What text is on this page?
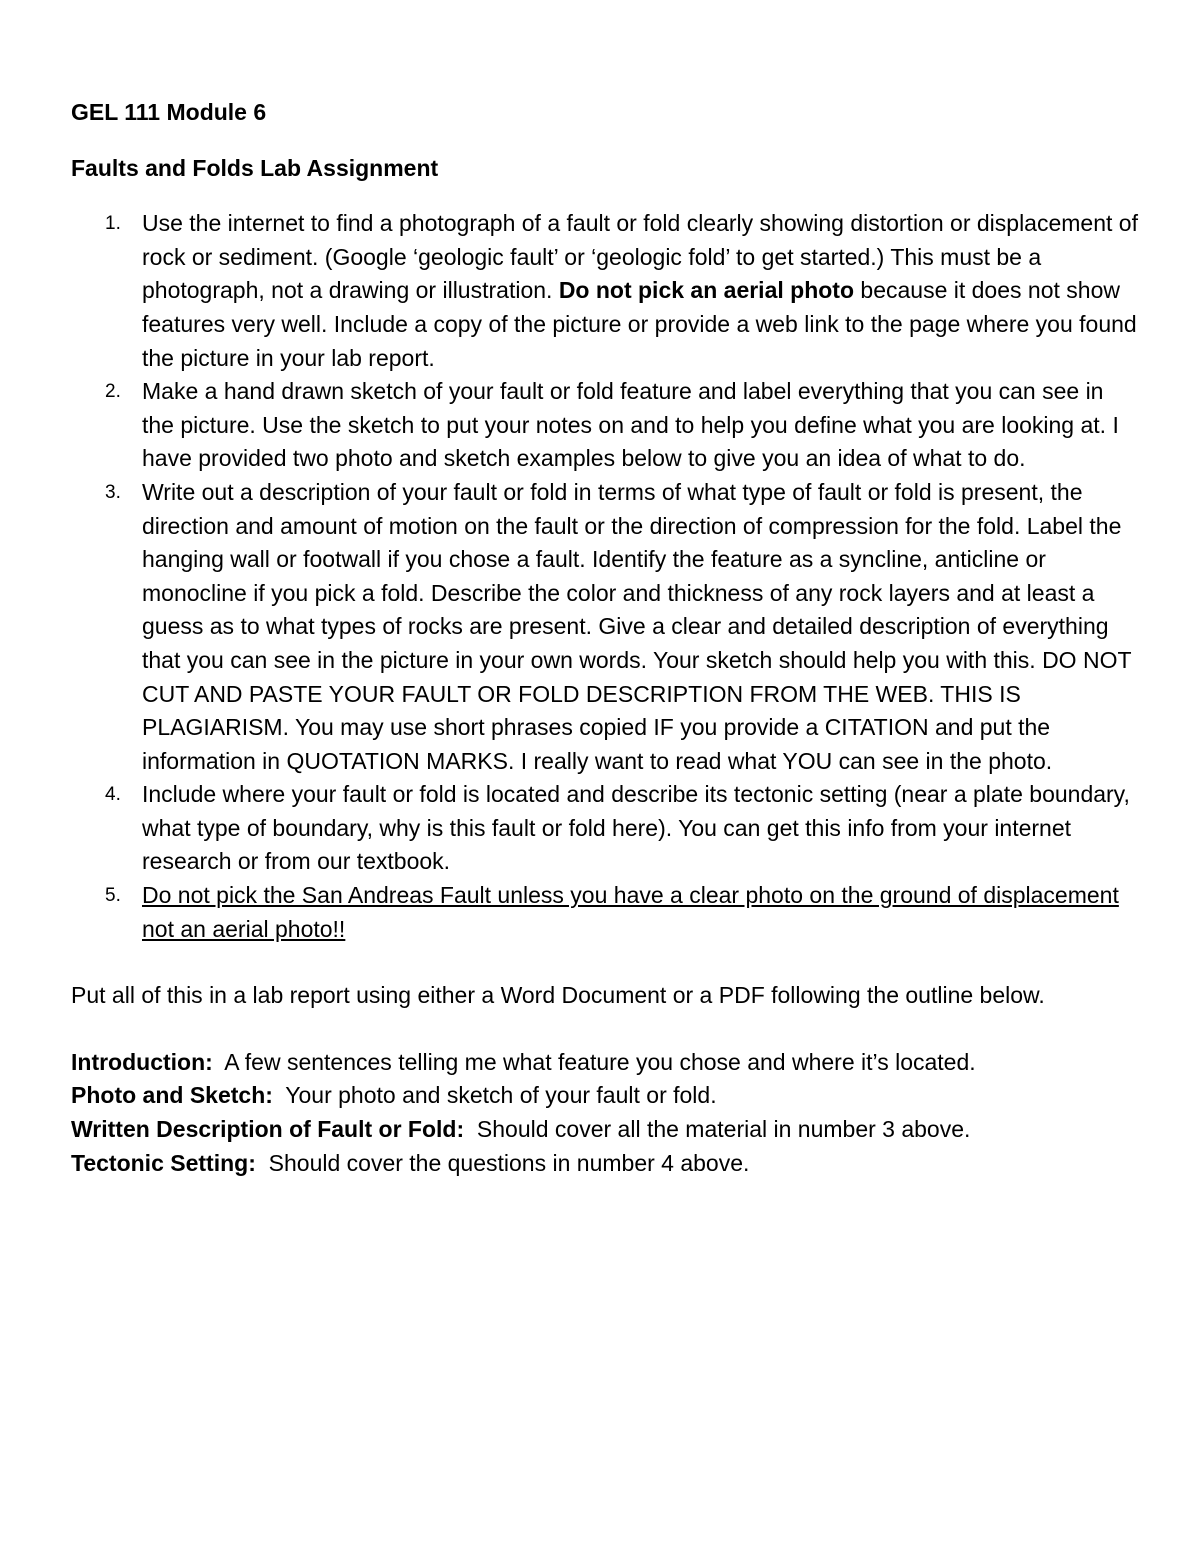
GEL 111 Module 6
Faults and Folds Lab Assignment
1. Use the internet to find a photograph of a fault or fold clearly showing distortion or displacement of rock or sediment. (Google ‘geologic fault’ or ‘geologic fold’ to get started.) This must be a photograph, not a drawing or illustration. Do not pick an aerial photo because it does not show features very well. Include a copy of the picture or provide a web link to the page where you found the picture in your lab report.
2. Make a hand drawn sketch of your fault or fold feature and label everything that you can see in the picture. Use the sketch to put your notes on and to help you define what you are looking at. I have provided two photo and sketch examples below to give you an idea of what to do.
3. Write out a description of your fault or fold in terms of what type of fault or fold is present, the direction and amount of motion on the fault or the direction of compression for the fold. Label the hanging wall or footwall if you chose a fault. Identify the feature as a syncline, anticline or monocline if you pick a fold. Describe the color and thickness of any rock layers and at least a guess as to what types of rocks are present. Give a clear and detailed description of everything that you can see in the picture in your own words. Your sketch should help you with this. DO NOT CUT AND PASTE YOUR FAULT OR FOLD DESCRIPTION FROM THE WEB. THIS IS PLAGIARISM. You may use short phrases copied IF you provide a CITATION and put the information in QUOTATION MARKS. I really want to read what YOU can see in the photo.
4. Include where your fault or fold is located and describe its tectonic setting (near a plate boundary, what type of boundary, why is this fault or fold here). You can get this info from your internet research or from our textbook.
5. Do not pick the San Andreas Fault unless you have a clear photo on the ground of displacement not an aerial photo!!

Put all of this in a lab report using either a Word Document or a PDF following the outline below.

Introduction:  A few sentences telling me what feature you chose and where it’s located.
Photo and Sketch:  Your photo and sketch of your fault or fold.
Written Description of Fault or Fold:  Should cover all the material in number 3 above.
Tectonic Setting:  Should cover the questions in number 4 above.
